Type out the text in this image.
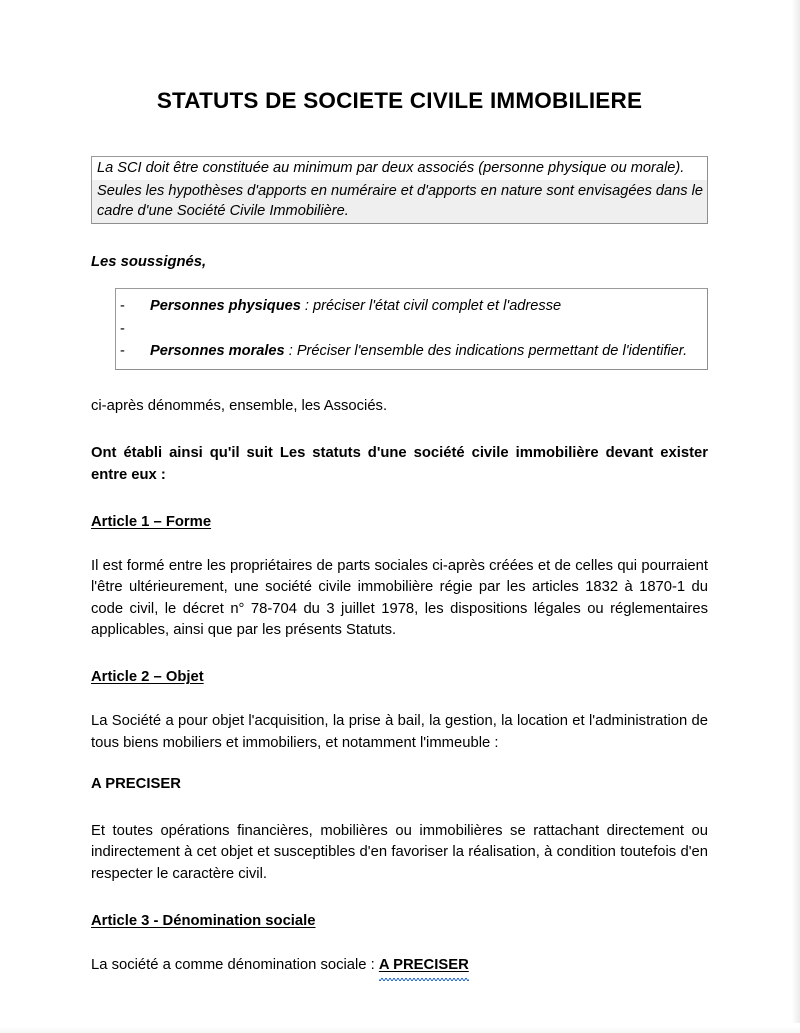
STATUTS DE SOCIETE CIVILE IMMOBILIERE

La SCI doit être constituée au minimum par deux associés (personne physique ou morale).

Seules les hypothèses d'apports en numéraire et d'apports en nature sont envisagées dans le cadre d'une Société Civile Immobilière.

Les soussignés,
-	Personnes physiques : préciser l'état civil complet et l'adresse
-
-	Personnes morales : Préciser l'ensemble des indications permettant de l'identifier.

ci-après dénommés, ensemble, les Associés.

Ont établi ainsi qu'il suit Les statuts d'une société civile immobilière devant exister entre eux :

Article 1 – Forme

Il est formé entre les propriétaires de parts sociales ci-après créées et de celles qui pourraient l'être ultérieurement, une société civile immobilière régie par les articles 1832 à 1870-1 du code civil, le décret n° 78-704 du 3 juillet 1978, les dispositions légales ou réglementaires applicables, ainsi que par les présents Statuts.

Article 2 – Objet

La Société a pour objet l'acquisition, la prise à bail, la gestion, la location et l'administration de tous biens mobiliers et immobiliers, et notamment l'immeuble :

A PRECISER

Et toutes opérations financières, mobilières ou immobilières se rattachant directement ou indirectement à cet objet et susceptibles d'en favoriser la réalisation, à condition toutefois d'en respecter le caractère civil.

Article 3 - Dénomination sociale

La société a comme dénomination sociale : A PRECISER
